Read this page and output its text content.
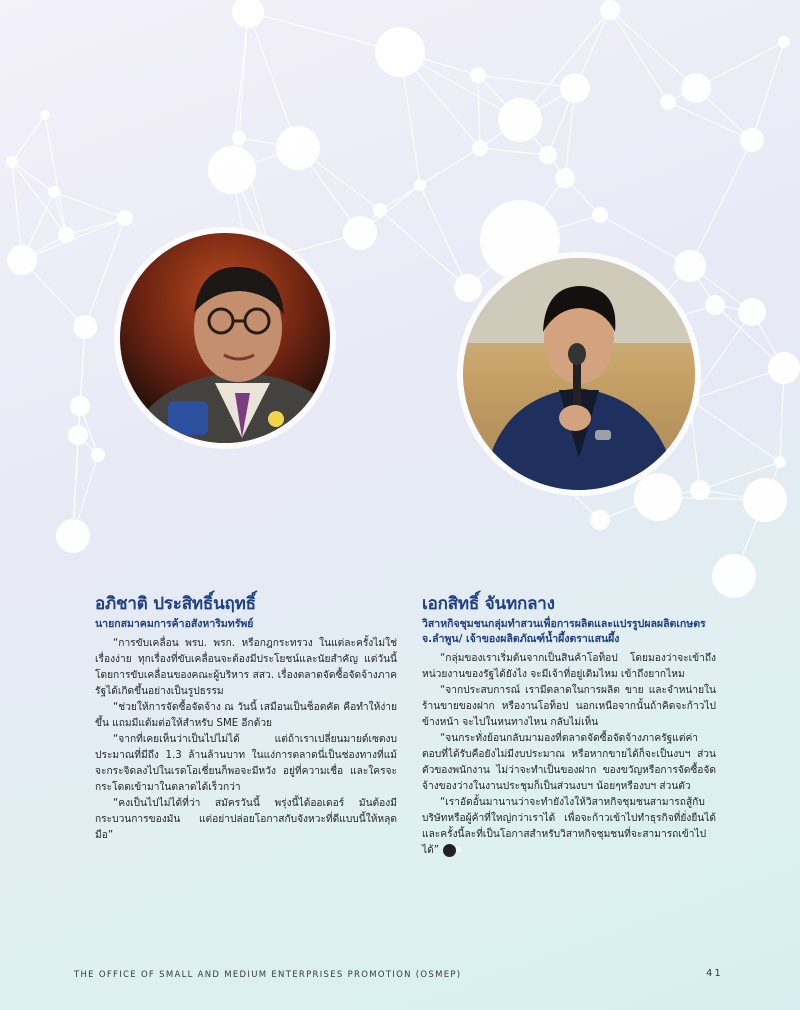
อภิชาติ ประสิทธิ์นฤทธิ์
นายกสมาคมการค้าอสังหาริมทรัพย์

“การขับเคลื่อน พรบ. พรก. หรือกฎกระทรวง ในแต่ละครั้งไม่ใช่เรื่องง่าย ทุกเรื่องที่ขับเคลื่อนจะต้องมีประโยชน์และนัยสำคัญ แต่วันนี้ โดยการขับเคลื่อนของคณะผู้บริหาร สสว. เรื่องตลาดจัดซื้อจัดจ้างภาครัฐได้เกิดขึ้นอย่างเป็นรูปธรรม

“ช่วยให้การจัดซื้อจัดจ้าง ณ วันนี้ เสมือนเป็นช็อตคัด คือทำให้ง่ายขึ้น แถมมีแต้มต่อให้สำหรับ SME อีกด้วย

“จากที่เคยเห็นว่าเป็นไปไม่ได้ แต่ถ้าเราเปลี่ยนมายด์เซตงบประมาณที่มีถึง 1.3 ล้านล้านบาท ในแง่การตลาดนี่เป็นช่องทางที่แม้จะกระจิดลงไปในเรดโอเชี่ยนก็พอจะมีหวัง อยู่ที่ความเชื่อ และใครจะกระโดดเข้ามาในตลาดได้เร็วกว่า

“คงเป็นไปไม่ได้ที่ว่า สมัครวันนี้ พรุ่งนี้ได้ออเดอร์ มันต้องมีกระบวนการของมัน แต่อย่าปล่อยโอกาสกับจังหวะที่ดีแบบนี้ให้หลุดมือ”

เอกสิทธิ์ จันทกลาง
วิสาหกิจชุมชนกลุ่มทำสวนเพื่อการผลิตและแปรรูปผลผลิตเกษตร จ.ลำพูน/ เจ้าของผลิตภัณฑ์น้ำผึ้งตราแสนผึ้ง

“กลุ่มของเราเริ่มต้นจากเป็นสินค้าโอท็อป โดยมองว่าจะเข้าถึงหน่วยงานของรัฐได้ยังไง จะมีเจ้าที่อยู่เดิมไหม เข้าถึงยากไหม

“จากประสบการณ์ เรามีตลาดในการผลิต ขาย และจำหน่ายในร้านขายของฝาก หรืองานโอท็อป นอกเหนือจากนั้นถ้าคิดจะก้าวไปข้างหน้า จะไปในหนทางไหน กลับไม่เห็น

“จนกระทั่งย้อนกลับมามองที่ตลาดจัดซื้อจัดจ้างภาครัฐแต่ค่าตอบที่ได้รับคือยังไม่มีงบประมาณ หรือหากขายได้ก็จะเป็นงบฯ ส่วนตัวของพนักงาน ไม่ว่าจะทำเป็นของฝาก ของขวัญหรือการจัดซื้อจัดจ้างของว่างในงานประชุมก็เป็นส่วนงบฯ น้อยๆหรืองบฯ ส่วนตัว

“เราอัดอั้นมานานว่าจะทำยังไงให้วิสาหกิจชุมชนสามารถสู้กับบริษัทหรือผู้ค้าที่ใหญ่กว่าเราได้ เพื่อจะก้าวเข้าไปทำธุรกิจที่ยั่งยืนได้ และครั้งนี้ละที่เป็นโอกาสสำหรับวิสาหกิจชุมชนที่จะสามารถเข้าไปได้” ✕

THE OFFICE OF SMALL AND MEDIUM ENTERPRISES PROMOTION (OSMEP)	41
